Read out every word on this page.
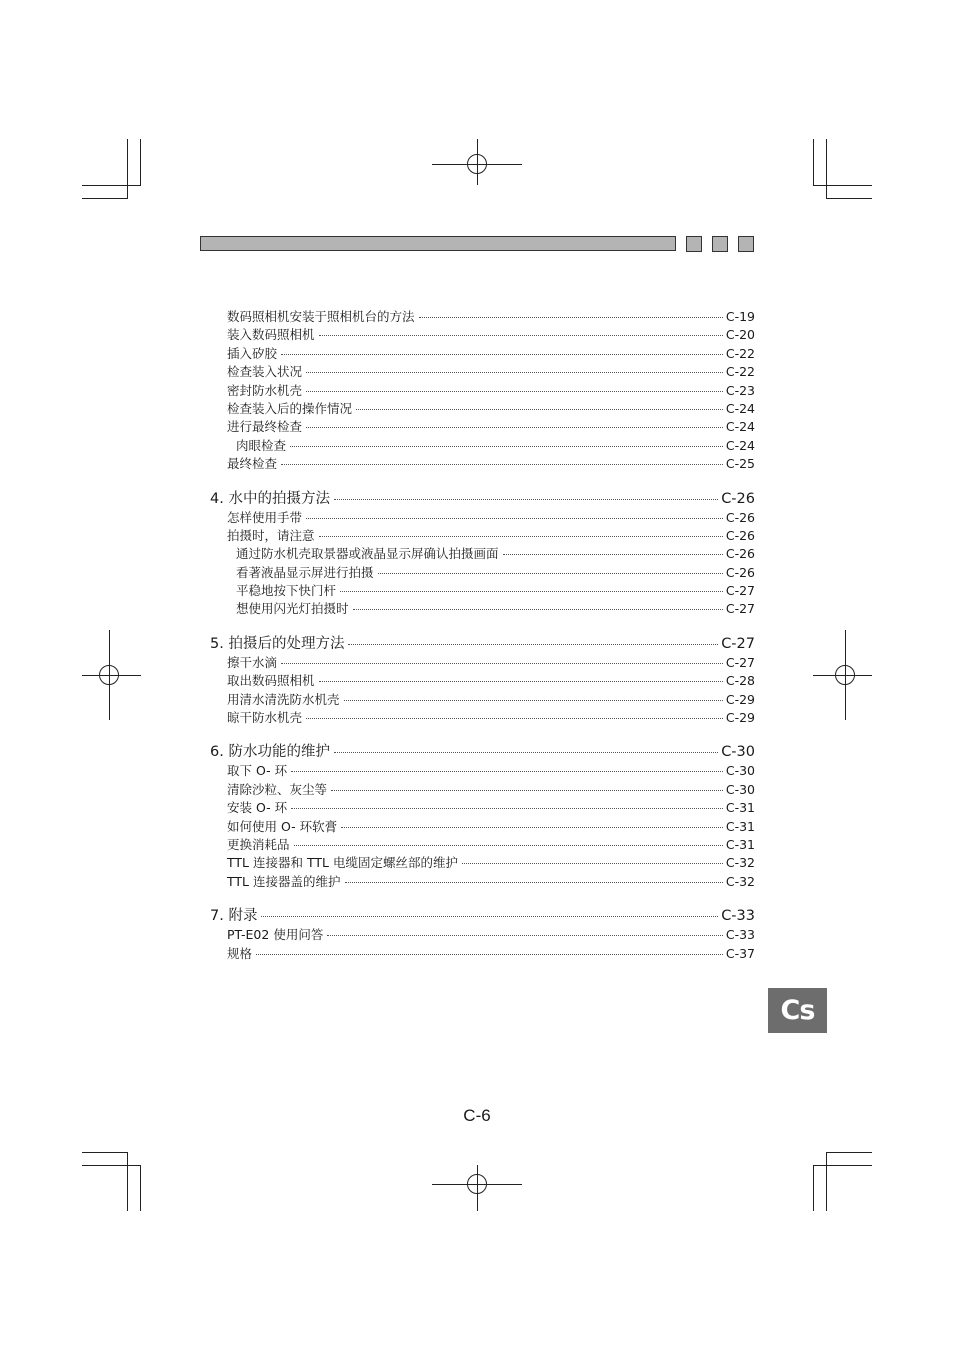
数码照相机安装于照相机台的方法	C-19
装入数码照相机	C-20
插入矽胶	C-22
检查装入状况	C-22
密封防水机壳	C-23
检查装入后的操作情况	C-24
进行最终检查	C-24
肉眼检查	C-24
最终检查	C-25
4. 水中的拍摄方法	C-26
怎样使用手带	C-26
拍摄时，请注意	C-26
通过防水机壳取景器或液晶显示屏确认拍摄画面	C-26
看著液晶显示屏进行拍摄	C-26
平稳地按下快门杆	C-27
想使用闪光灯拍摄时	C-27
5. 拍摄后的处理方法	C-27
擦干水滴	C-27
取出数码照相机	C-28
用清水清洗防水机壳	C-29
晾干防水机壳	C-29
6. 防水功能的维护	C-30
取下 O- 环	C-30
清除沙粒、灰尘等	C-30
安装 O- 环	C-31
如何使用 O- 环软膏	C-31
更换消耗品	C-31
TTL 连接器和 TTL 电缆固定螺丝部的维护	C-32
TTL 连接器盖的维护	C-32
7. 附录	C-33
PT-E02 使用问答	C-33
规格	C-37
Cs
C-6
